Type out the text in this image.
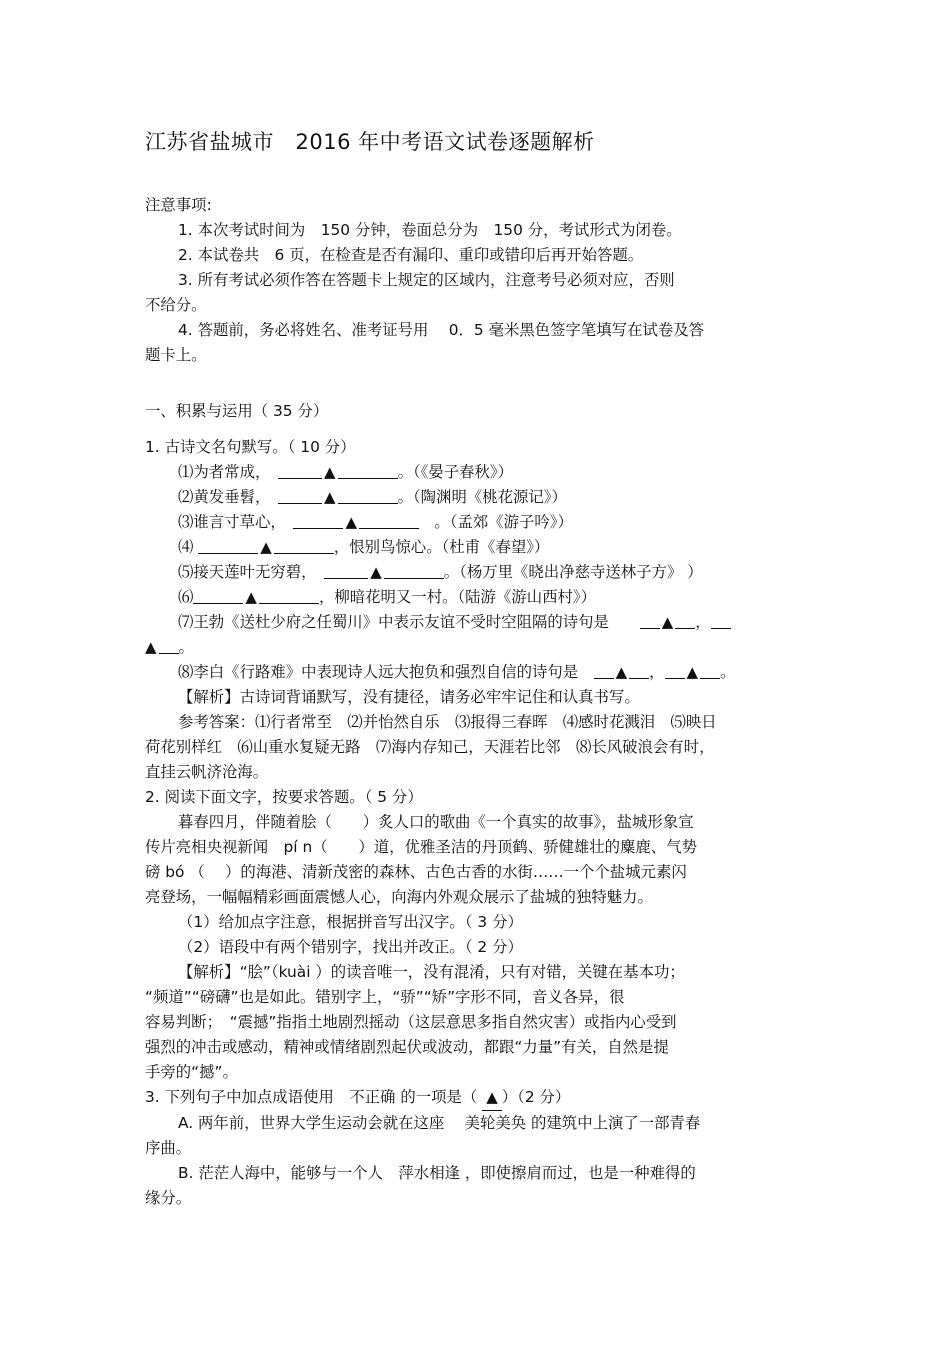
江苏省盐城市　2016 年中考语文试卷逐题解析

注意事项:

1. 本次考试时间为　150 分钟，卷面总分为　150 分，考试形式为闭卷。

2. 本试卷共　6 页，在检查是否有漏印、重印或错印后再开始答题。

3. 所有考试必须作答在答题卡上规定的区域内，注意考号必须对应，否则

不给分。

4. 答题前，务必将姓名、准考证号用　 0．5 毫米黑色签字笔填写在试卷及答

题卡上。

一、积累与运用（ 35 分）

1. 古诗文名句默写。（ 10 分）

⑴为者常成，　	▲	。（《晏子春秋》）

⑵黄发垂髫，　	▲	。（陶渊明《桃花源记》）

⑶谁言寸草心，　	▲	　。（孟郊《游子吟》）

⑷	▲	，恨别鸟惊心。（杜甫《春望》）

⑸接天莲叶无穷碧，　	▲	。（杨万里《晓出净慈寺送林子方》 ）

⑹	▲	，柳暗花明又一村。（陆游《游山西村》）

⑺王勃《送杜少府之任蜀川》中表示友谊不受时空阻隔的诗句是　　	▲ ，

▲ 。

⑻李白《行路难》中表现诗人远大抱负和强烈自信的诗句是　 ▲ ， ▲ 。

【解析】古诗词背诵默写，没有捷径，请务必牢牢记住和认真书写。

参考答案：⑴行者常至　⑵并怡然自乐　⑶报得三春晖　⑷感时花溅泪　⑸映日

荷花别样红　⑹山重水复疑无路　⑺海内存知己，天涯若比邻　⑻长风破浪会有时，

直挂云帆济沧海。

2. 阅读下面文字，按要求答题。（ 5 分）

暮春四月，伴随着脍（　　）炙人口的歌曲《一个真实的故事》，盐城形象宣

传片亮相央视新闻　pí n（　　）道，优雅圣洁的丹顶鹤、骄健雄壮的麋鹿、气势

磅 bó （　 ）的海港、清新茂密的森林、古色古香的水街……一个个盐城元素闪

亮登场，一幅幅精彩画面震憾人心，向海内外观众展示了盐城的独特魅力。

（1）给加点字注意，根据拼音写出汉字。（ 3 分）

（2）语段中有两个错别字，找出并改正。（ 2 分）

【解析】“脍”（kuài ）的读音唯一，没有混淆，只有对错，关键在基本功；

“频道”“磅礴”也是如此。错别字上，“骄”“矫”字形不同，音义各异，很

容易判断；　“震撼”指指土地剧烈摇动（这层意思多指自然灾害）或指内心受到

强烈的冲击或感动，精神或情绪剧烈起伏或波动，都跟“力量”有关，自然是提

手旁的“撼”。

3. 下列句子中加点成语使用　不正确 的一项是（ ▲ ）（2 分）

A. 两年前，世界大学生运动会就在这座　 美轮美奂 的建筑中上演了一部青春

序曲。

B. 茫茫人海中，能够与一个人　萍水相逢 ，即使擦肩而过，也是一种难得的

缘分。
